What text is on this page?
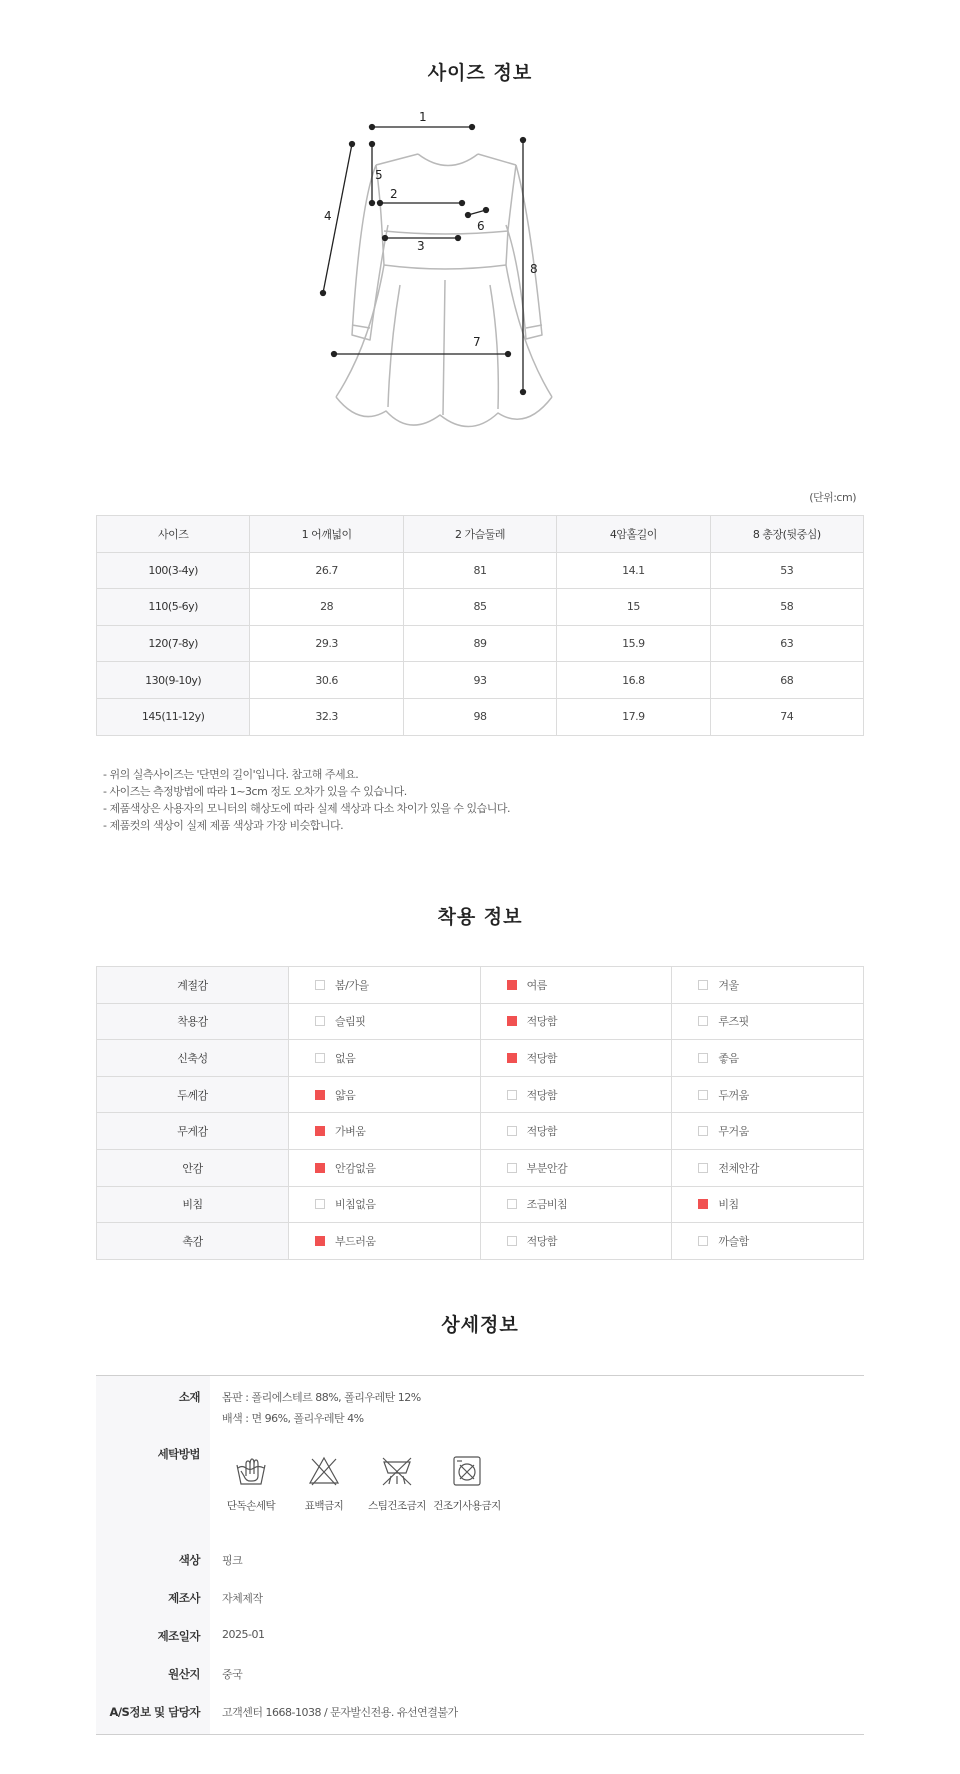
사이즈 정보
1
2
3
4
5
6
7
8
(단위:cm)
사이즈	1 어깨넓이	2 가슴둘레	4암홀길이	8 총장(뒷중심)
100(3-4y)	26.7	81	14.1	53
110(5-6y)	28	85	15	58
120(7-8y)	29.3	89	15.9	63
130(9-10y)	30.6	93	16.8	68
145(11-12y)	32.3	98	17.9	74
- 위의 실측사이즈는 '단면의 길이'입니다. 참고해 주세요.
- 사이즈는 측정방법에 따라 1~3cm 정도 오차가 있을 수 있습니다.
- 제품색상은 사용자의 모니터의 해상도에 따라 실제 색상과 다소 차이가 있을 수 있습니다.
- 제품컷의 색상이 실제 제품 색상과 가장 비슷합니다.
착용 정보
계절감	봄/가을	여름	겨울

착용감	슬림핏	적당함	루즈핏

신축성	없음	적당함	좋음

두께감	얇음	적당함	두꺼움

무게감	가벼움	적당함	무거움

안감	안감없음	부분안감	전체안감

비침	비침없음	조금비침	비침

촉감	부드러움	적당함	까슬함
상세정보
소재 몸판 : 폴리에스테르 88%, 폴리우레탄 12%
배색 : 면 96%, 폴리우레탄 4%
세탁방법
단독손세탁	표백금지	스팀건조금지 건조기사용금지
색상 핑크
제조사 자체제작
제조일자 2025-01
원산지 중국
A/S정보 및 담당자 고객센터 1668-1038 / 문자발신전용. 유선연결불가
